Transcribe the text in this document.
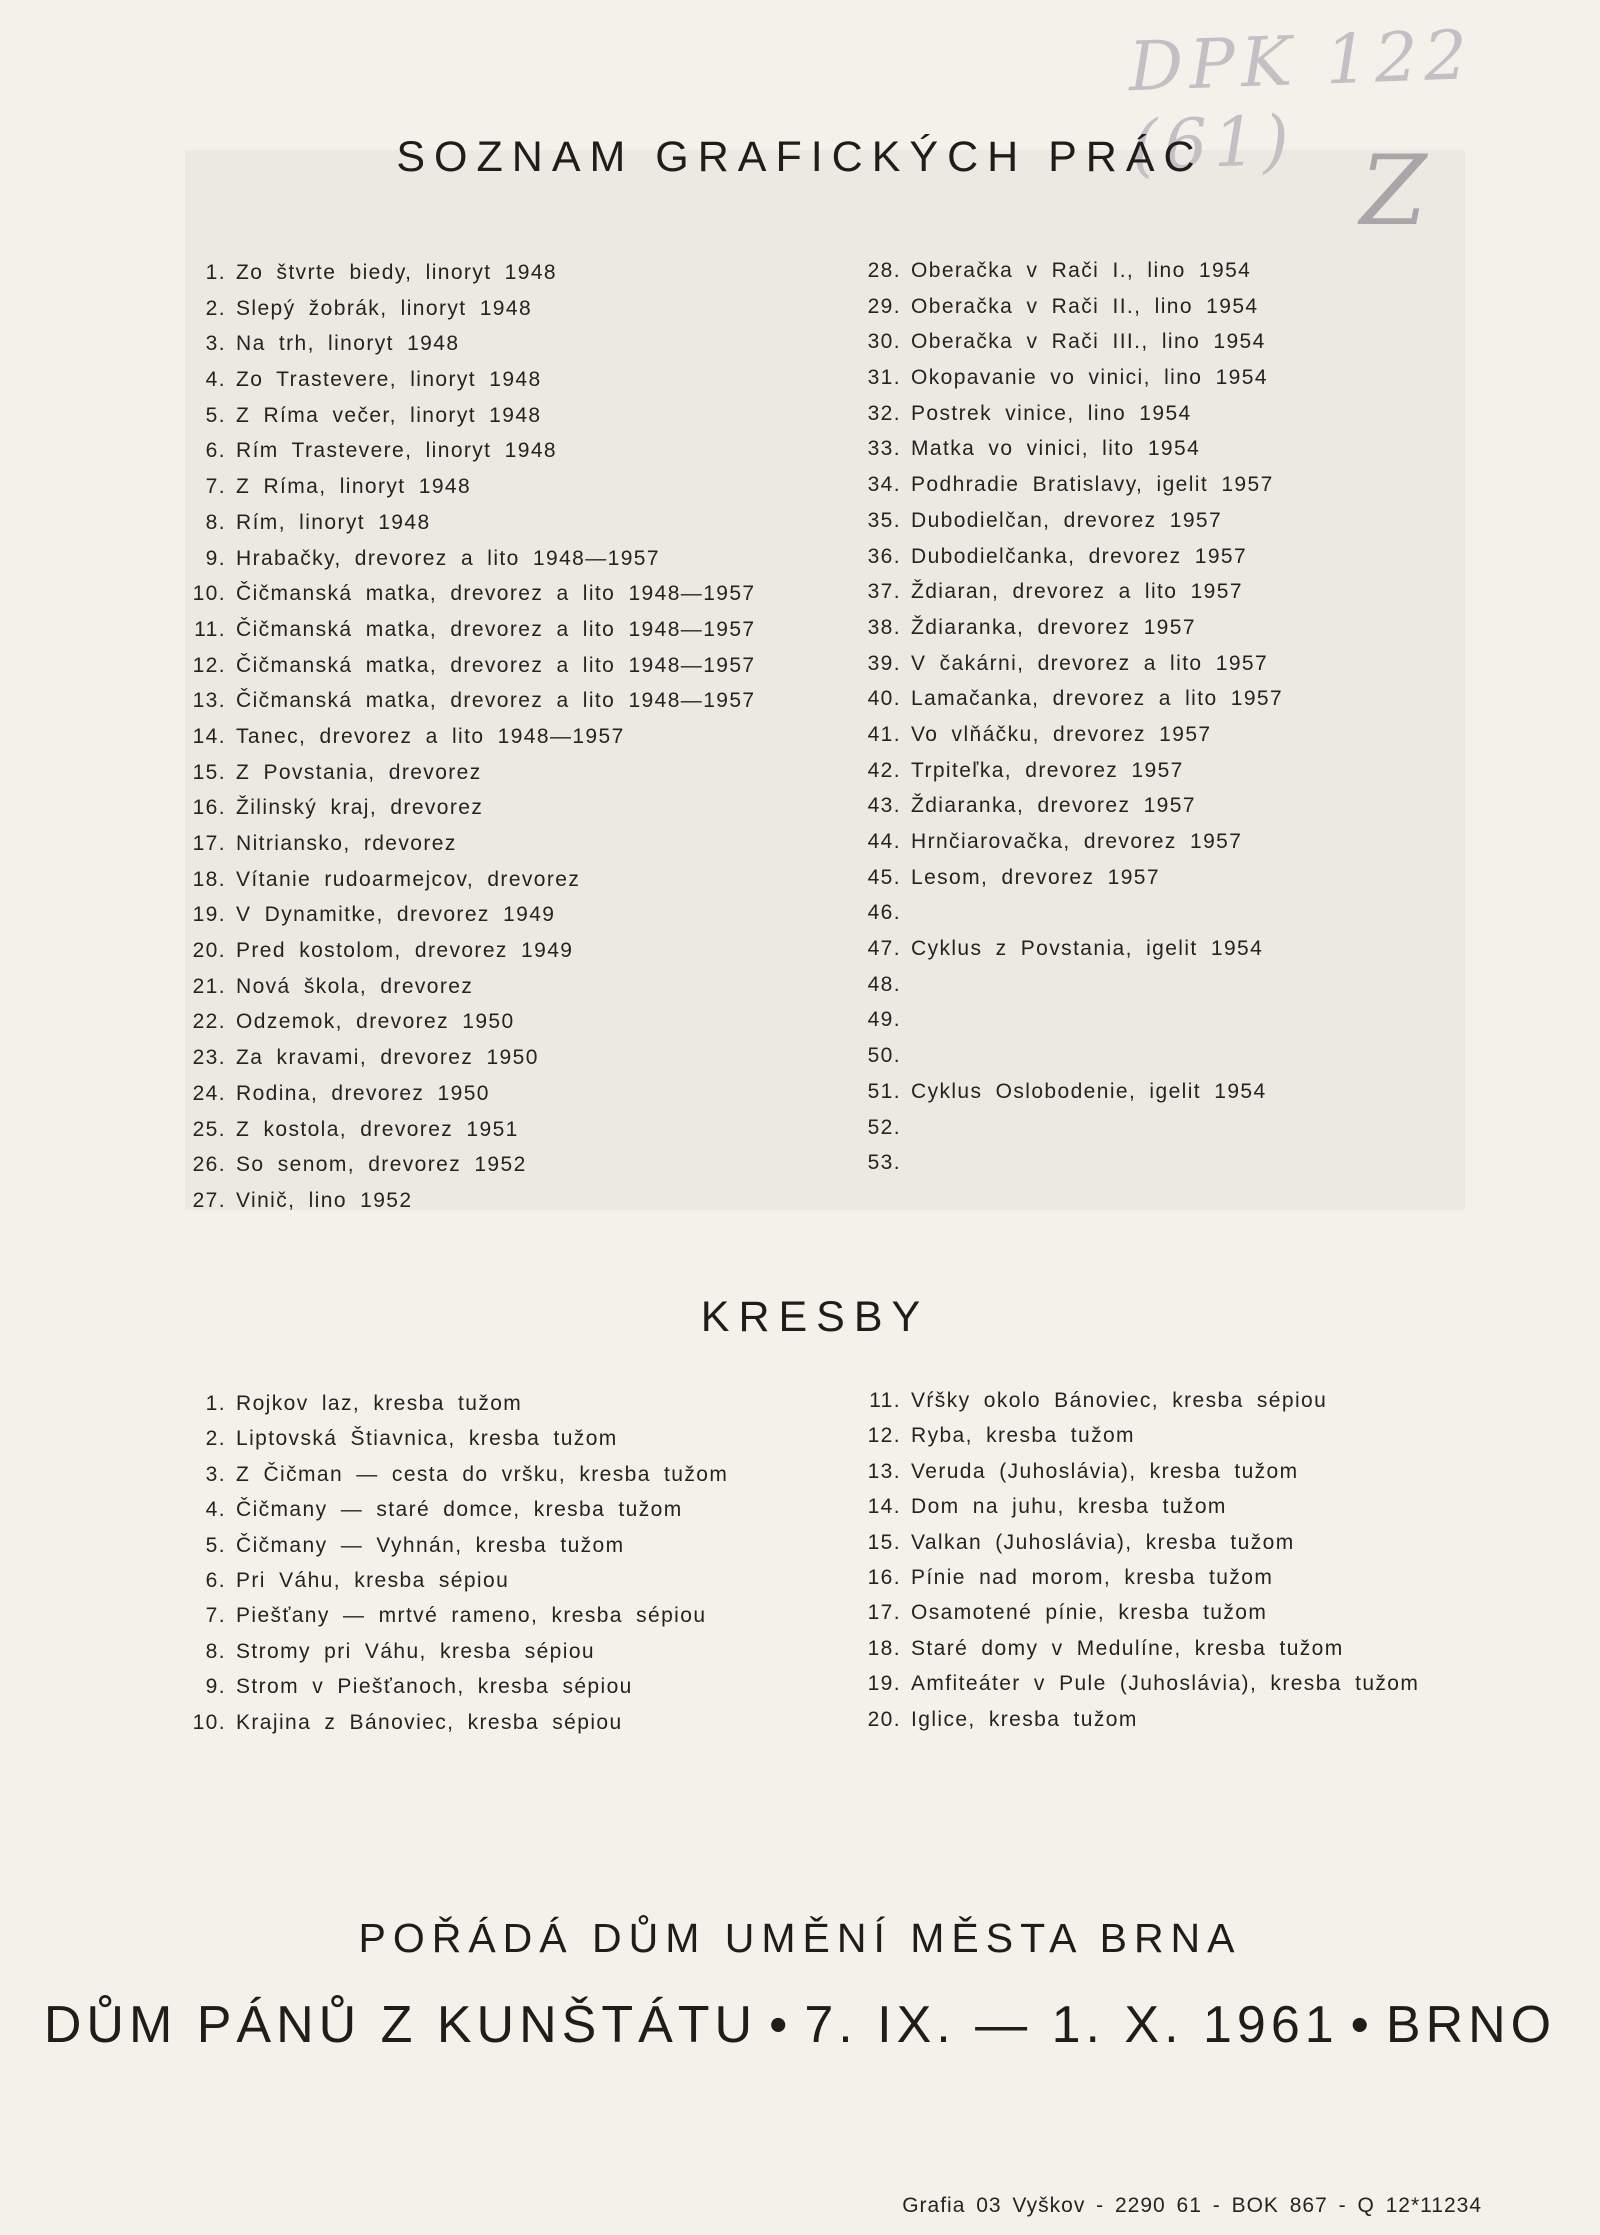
DPK 122 (61) Z
SOZNAM GRAFICKÝCH PRÁC
1. Zo štvrte biedy, linoryt 1948
2. Slepý žobrák, linoryt 1948
3. Na trh, linoryt 1948
4. Zo Trastevere, linoryt 1948
5. Z Ríma večer, linoryt 1948
6. Rím Trastevere, linoryt 1948
7. Z Ríma, linoryt 1948
8. Rím, linoryt 1948
9. Hrabačky, drevorez a lito 1948—1957
10. Čičmanská matka, drevorez a lito 1948—1957
11. Čičmanská matka, drevorez a lito 1948—1957
12. Čičmanská matka, drevorez a lito 1948—1957
13. Čičmanská matka, drevorez a lito 1948—1957
14. Tanec, drevorez a lito 1948—1957
15. Z Povstania, drevorez
16. Žilinský kraj, drevorez
17. Nitriansko, rdevorez
18. Vítanie rudoarmejcov, drevorez
19. V Dynamitke, drevorez 1949
20. Pred kostolom, drevorez 1949
21. Nová škola, drevorez
22. Odzemok, drevorez 1950
23. Za kravami, drevorez 1950
24. Rodina, drevorez 1950
25. Z kostola, drevorez 1951
26. So senom, drevorez 1952
27. Vinič, lino 1952
28. Oberačka v Rači I., lino 1954
29. Oberačka v Rači II., lino 1954
30. Oberačka v Rači III., lino 1954
31. Okopavanie vo vinici, lino 1954
32. Postrek vinice, lino 1954
33. Matka vo vinici, lito 1954
34. Podhradie Bratislavy, igelit 1957
35. Dubodielčan, drevorez 1957
36. Dubodielčanka, drevorez 1957
37. Ždiaran, drevorez a lito 1957
38. Ždiaranka, drevorez 1957
39. V čakárni, drevorez a lito 1957
40. Lamačanka, drevorez a lito 1957
41. Vo vlňáčku, drevorez 1957
42. Trpiteľka, drevorez 1957
43. Ždiaranka, drevorez 1957
44. Hrnčiarovačka, drevorez 1957
45. Lesom, drevorez 1957
46.
47. Cyklus z Povstania, igelit 1954
48.
49.
50.
51. Cyklus Oslobodenie, igelit 1954
52.
53.
KRESBY
1. Rojkov laz, kresba tužom
2. Liptovská Štiavnica, kresba tužom
3. Z Čičman — cesta do vršku, kresba tužom
4. Čičmany — staré domce, kresba tužom
5. Čičmany — Vyhnán, kresba tužom
6. Pri Váhu, kresba sépiou
7. Piešťany — mrtvé rameno, kresba sépiou
8. Stromy pri Váhu, kresba sépiou
9. Strom v Piešťanoch, kresba sépiou
10. Krajina z Bánoviec, kresba sépiou
11. Vŕšky okolo Bánoviec, kresba sépiou
12. Ryba, kresba tužom
13. Veruda (Juhoslávia), kresba tužom
14. Dom na juhu, kresba tužom
15. Valkan (Juhoslávia), kresba tužom
16. Pínie nad morom, kresba tužom
17. Osamotené pínie, kresba tužom
18. Staré domy v Medulíne, kresba tužom
19. Amfiteáter v Pule (Juhoslávia), kresba tužom
20. Iglice, kresba tužom
POŘÁDÁ DŮM UMĚNÍ MĚSTA BRNA
DŮM PÁNŮ Z KUNŠTÁTU • 7. IX. — 1. X. 1961 • BRNO
Grafia 03 Vyškov - 2290 61 - BOK 867 - Q 12*11234
